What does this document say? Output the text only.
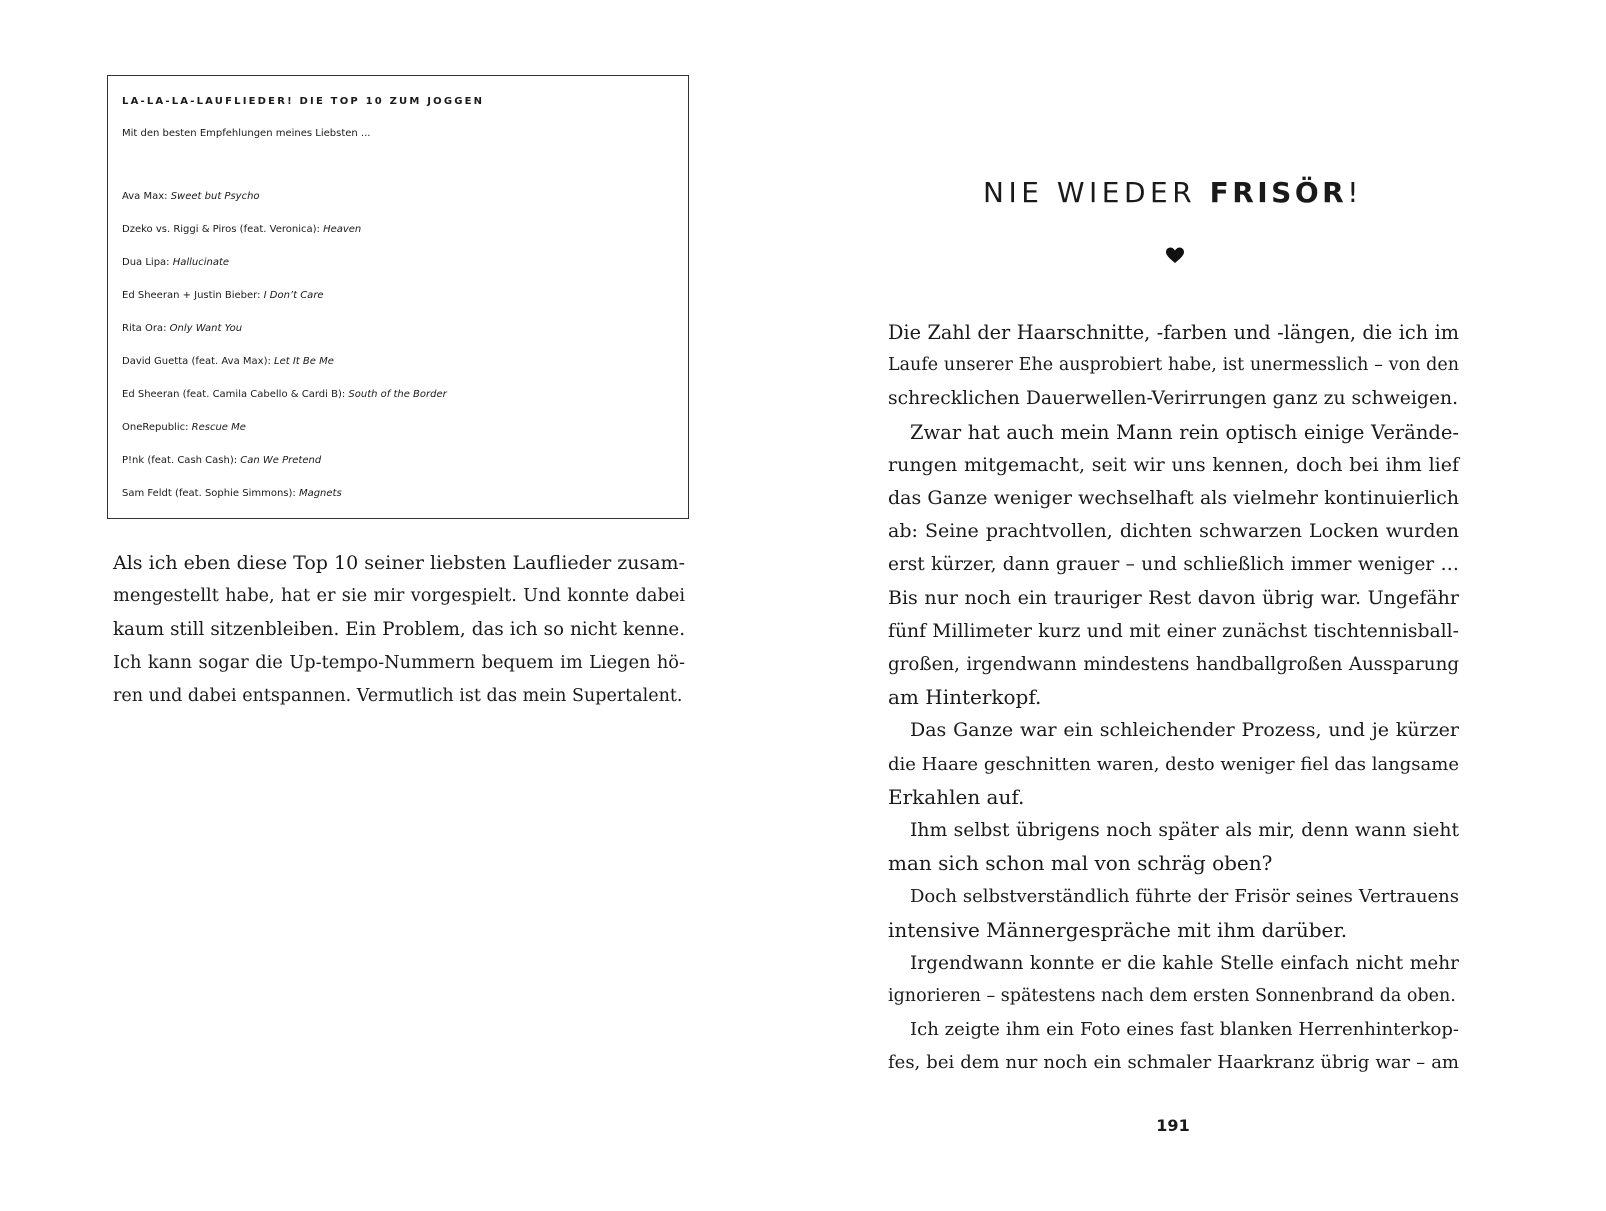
LA-LA-LA-LAUFLIEDER! DIE TOP 10 ZUM JOGGEN

Mit den besten Empfehlungen meines Liebsten ...

Ava Max: Sweet but Psycho
Dzeko vs. Riggi & Piros (feat. Veronica): Heaven
Dua Lipa: Hallucinate
Ed Sheeran + Justin Bieber: I Don’t Care
Rita Ora: Only Want You
David Guetta (feat. Ava Max): Let It Be Me
Ed Sheeran (feat. Camila Cabello & Cardi B): South of the Border
OneRepublic: Rescue Me
P!nk (feat. Cash Cash): Can We Pretend
Sam Feldt (feat. Sophie Simmons): Magnets
Als ich eben diese Top 10 seiner liebsten Lauflieder zusam-
mengestellt habe, hat er sie mir vorgespielt. Und konnte dabei
kaum still sitzenbleiben. Ein Problem, das ich so nicht kenne.
Ich kann sogar die Up-tempo-Nummern bequem im Liegen hö-
ren und dabei entspannen. Vermutlich ist das mein Supertalent.
NIE WIEDER FRISÖR!
Die Zahl der Haarschnitte, -farben und -längen, die ich im
Laufe unserer Ehe ausprobiert habe, ist unermesslich – von den
schrecklichen Dauerwellen-Verirrungen ganz zu schweigen.
Zwar hat auch mein Mann rein optisch einige Verände-
rungen mitgemacht, seit wir uns kennen, doch bei ihm lief
das Ganze weniger wechselhaft als vielmehr kontinuierlich
ab: Seine prachtvollen, dichten schwarzen Locken wurden
erst kürzer, dann grauer – und schließlich immer weniger …
Bis nur noch ein trauriger Rest davon übrig war. Ungefähr
fünf Millimeter kurz und mit einer zunächst tischtennisball-
großen, irgendwann mindestens handballgroßen Aussparung
am Hinterkopf.
Das Ganze war ein schleichender Prozess, und je kürzer
die Haare geschnitten waren, desto weniger fiel das langsame
Erkahlen auf.
Ihm selbst übrigens noch später als mir, denn wann sieht
man sich schon mal von schräg oben?
Doch selbstverständlich führte der Frisör seines Vertrauens
intensive Männergespräche mit ihm darüber.
Irgendwann konnte er die kahle Stelle einfach nicht mehr
ignorieren – spätestens nach dem ersten Sonnenbrand da oben.
Ich zeigte ihm ein Foto eines fast blanken Herrenhinterkop-
fes, bei dem nur noch ein schmaler Haarkranz übrig war – am
191
